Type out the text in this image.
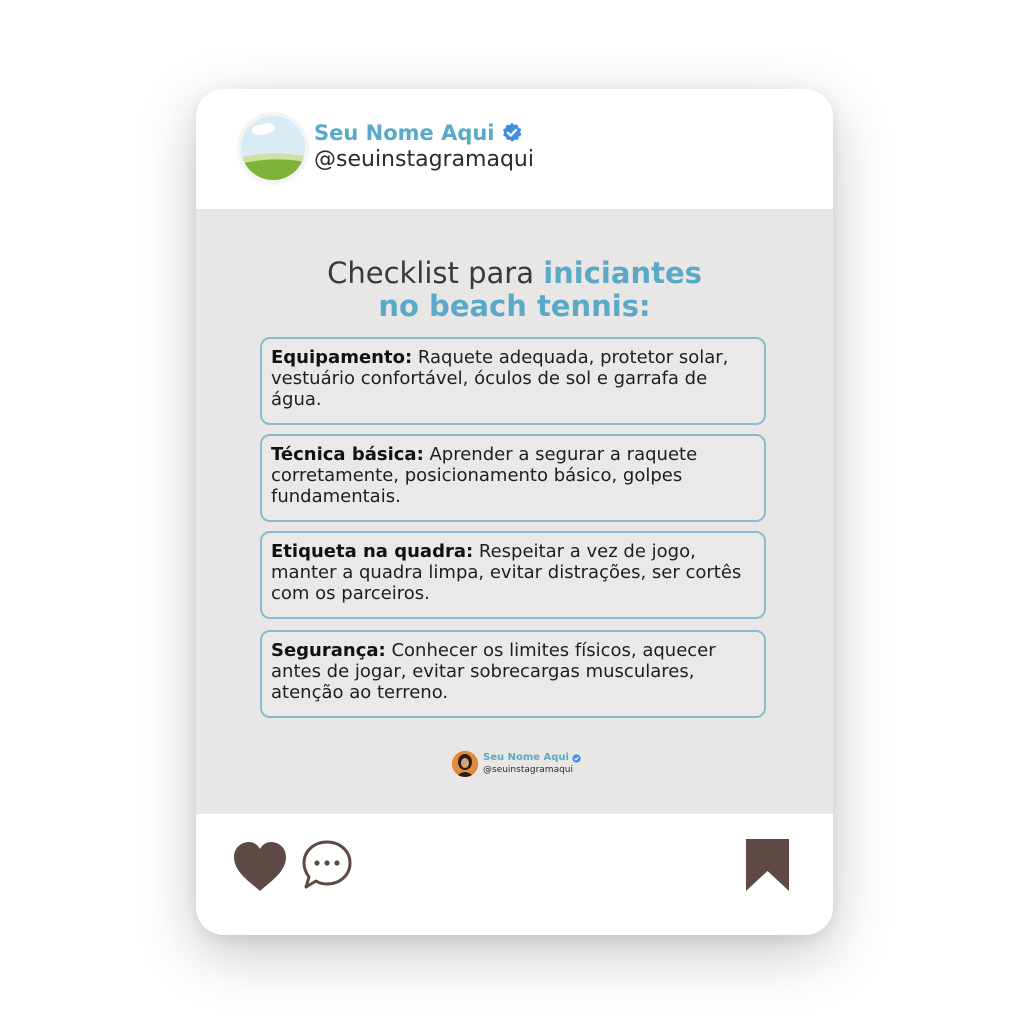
Seu Nome Aqui
@seuinstagramaqui
Checklist para iniciantes
no beach tennis:
Equipamento: Raquete adequada, protetor solar, vestuário confortável, óculos de sol e garrafa de água.
Técnica básica: Aprender a segurar a raquete corretamente, posicionamento básico, golpes fundamentais.
Etiqueta na quadra: Respeitar a vez de jogo, manter a quadra limpa, evitar distrações, ser cortês com os parceiros.
Segurança: Conhecer os limites físicos, aquecer antes de jogar, evitar sobrecargas musculares, atenção ao terreno.
Seu Nome Aqui
@seuinstagramaqui
